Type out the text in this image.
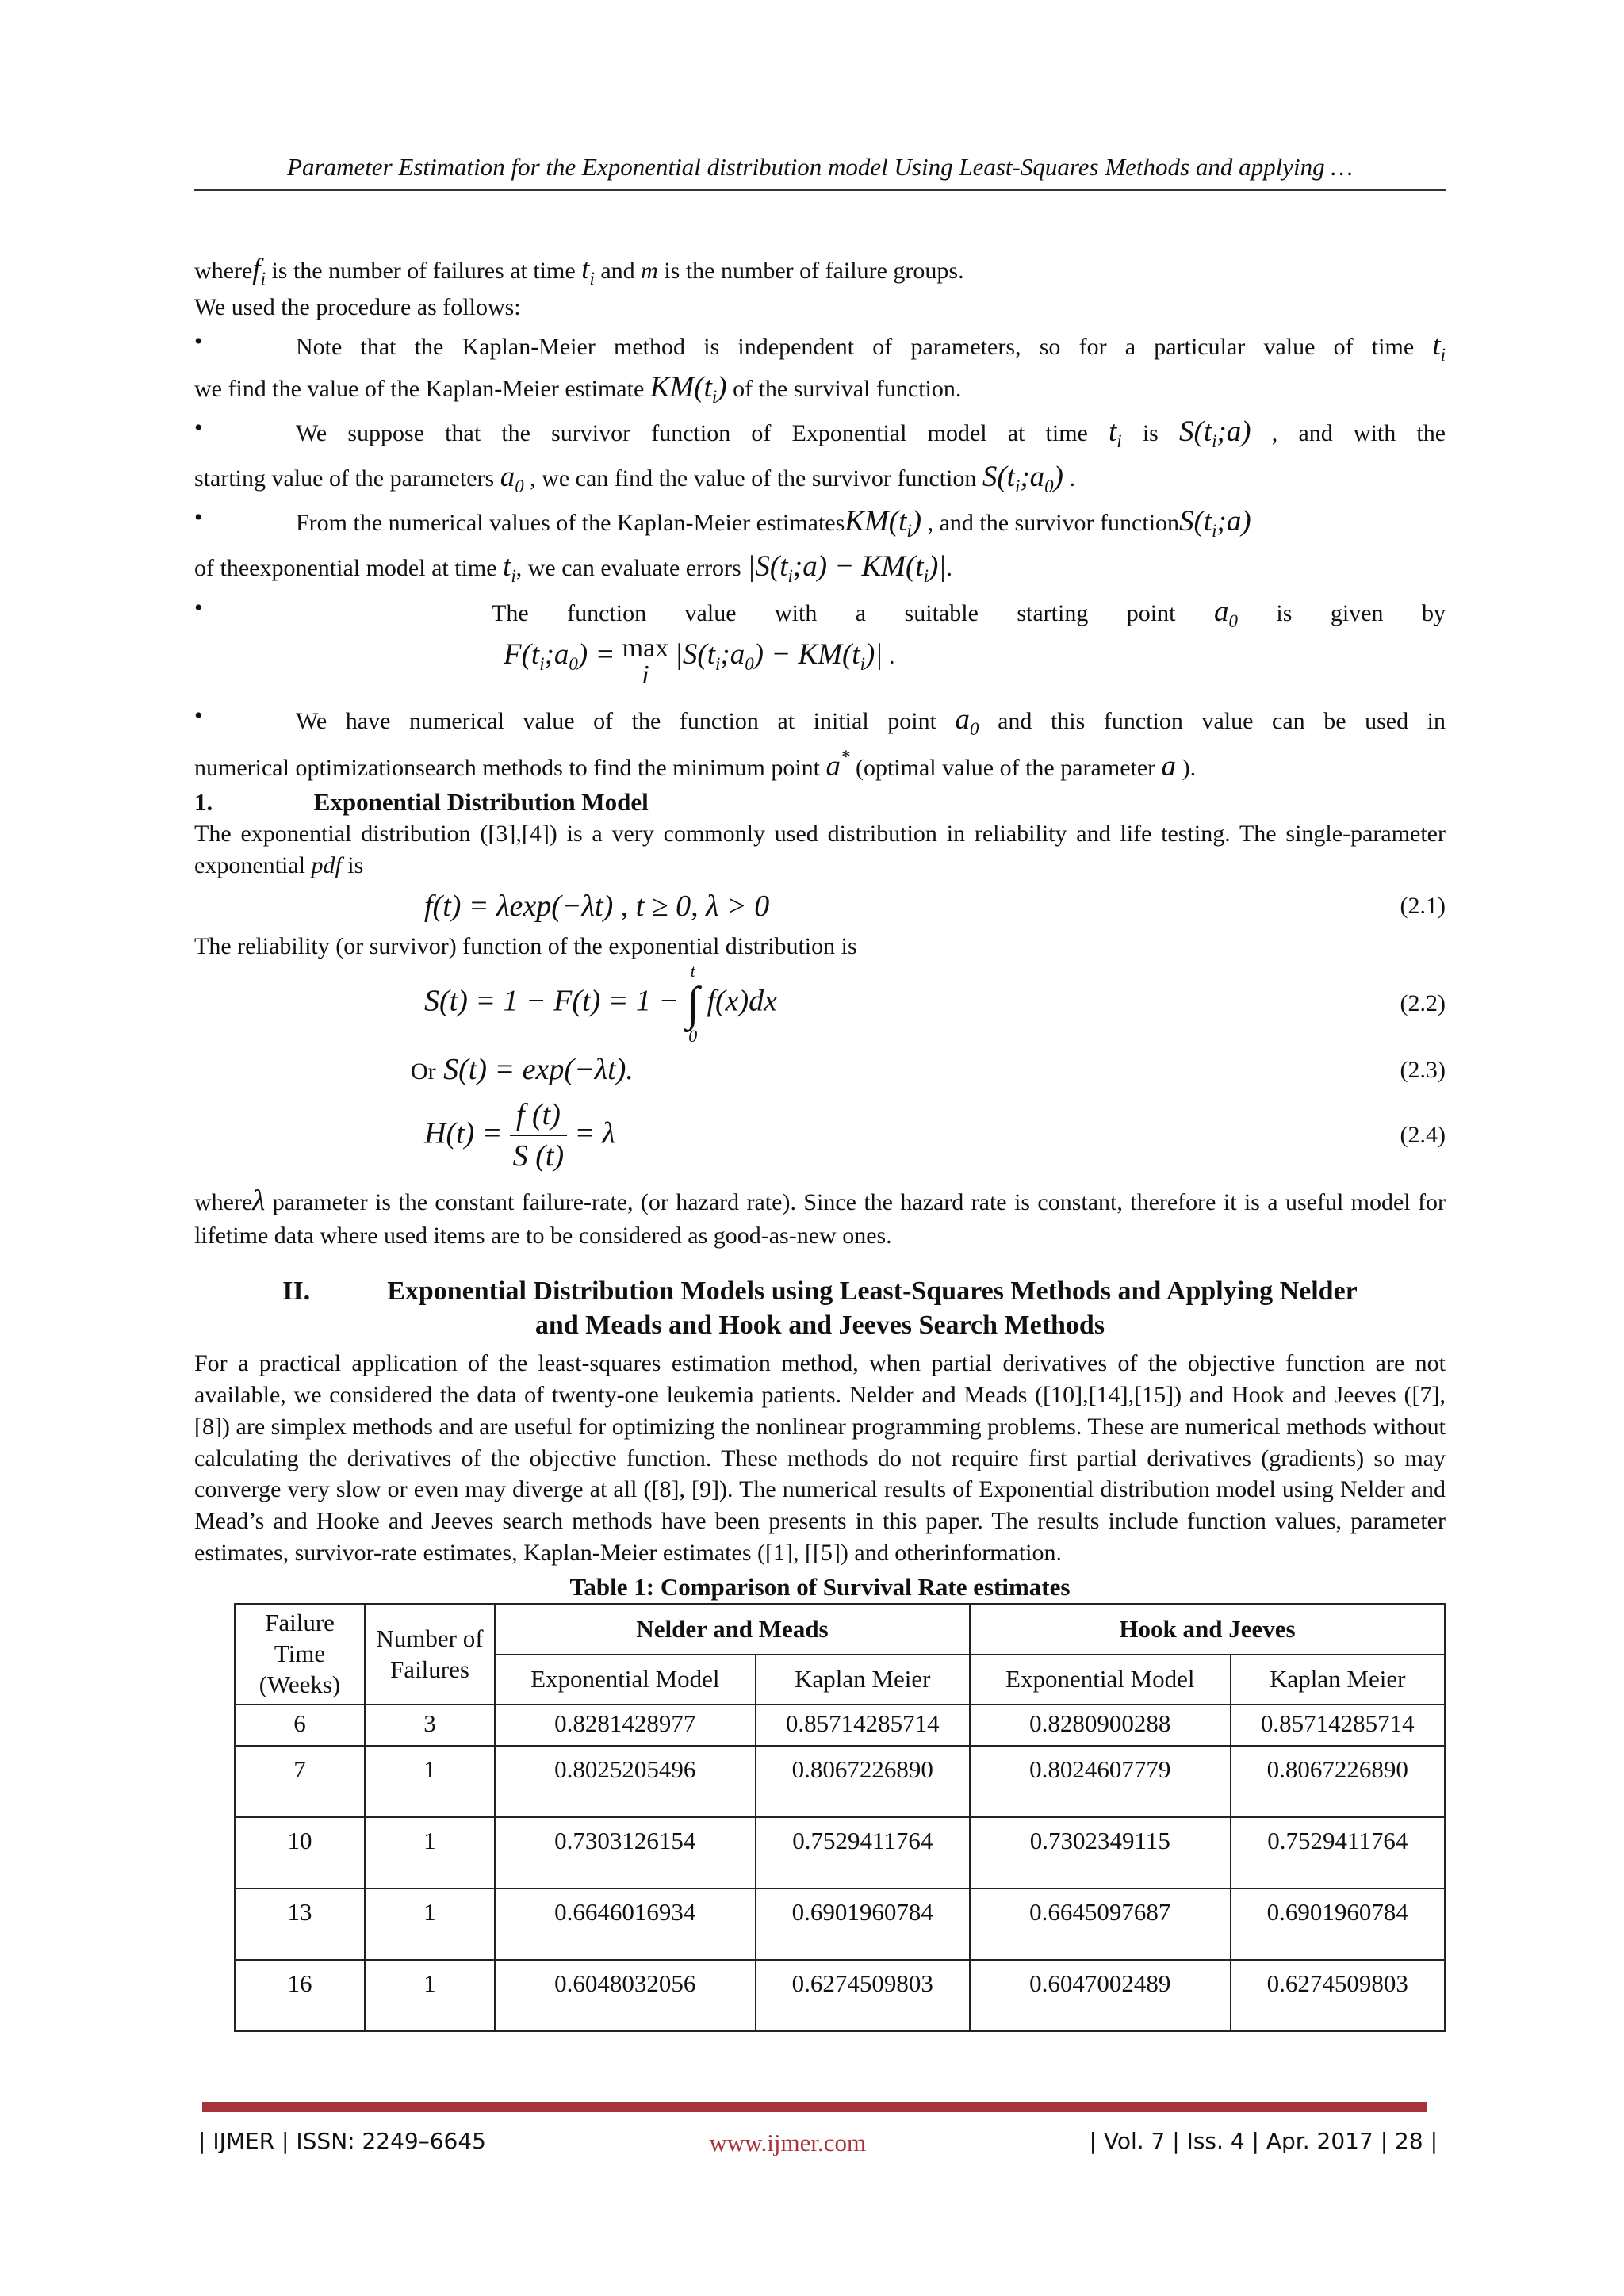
Parameter Estimation for the Exponential distribution model Using Least-Squares Methods and applying …

wheref$_i$ is the number of failures at time $t_i$ and m is the number of failure groups.

We used the procedure as follows:

•	Note that the Kaplan-Meier method is independent of parameters, so for a particular value of time $t_i$

we find the value of the Kaplan-Meier estimate $KM(t_i)$ of the survival function.

•	We suppose that the survivor function of Exponential model at time $t_i$ is $S(t_i;a)$ , and with the

starting value of the parameters $a_0$ , we can find the value of the survivor function $S(t_i;a_0)$ .

•	From the numerical values of the Kaplan-Meier $estimatesKM(t_i)$ , and the survivor $functionS(t_i;a)$

of theexponential model at time $t_i$, we can evaluate errors $|S(t_i;a) - KM(t_i)|$.

•	The function value with a suitable starting point $a_0$ is given by
$F(t_i;a_0) = \max$
i
$|S(t_i;a_0) - KM(t_i)|$ .
•	We have numerical value of the function at initial point $a_0$ and this function value can be used in

numerical optimizationsearch methods to find the minimum point a* (optimal value of the parameter a ).

1.	Exponential Distribution Model

The exponential distribution ([3],[4]) is a very commonly used distribution in reliability and life testing. The single-parameter exponential pdf is

f(t) = λexp(−λt) , t ≥ 0, λ > 0	(2.1)

The reliability (or survivor) function of the exponential distribution is

S(t) = 1 − F(t) = 1 −
t
∫
0
f(x)dx	(2.2)
Or S(t) = exp(−λt).	(2.3)
$H(t) = \frac{f (t)}{S (t)} = \lambda$	(2.4)

whereλ parameter is the constant failure-rate, (or hazard rate). Since the hazard rate is constant, therefore it is a useful model for lifetime data where used items are to be considered as good-as-new ones.

II.	Exponential Distribution Models using Least-Squares Methods and Applying Nelder
and Meads and Hook and Jeeves Search Methods

For a practical application of the least-squares estimation method, when partial derivatives of the objective function are not available, we considered the data of twenty-one leukemia patients. Nelder and Meads ([10],[14],[15]) and Hook and Jeeves ([7],[8]) are simplex methods and are useful for optimizing the nonlinear programming problems. These are numerical methods without calculating the derivatives of the objective function. These methods do not require first partial derivatives (gradients) so may converge very slow or even may diverge at all ([8], [9]). The numerical results of Exponential distribution model using Nelder and Mead’s and Hooke and Jeeves search methods have been presents in this paper. The results include function values, parameter estimates, survivor-rate estimates, Kaplan-Meier estimates ([1], [[5]) and otherinformation.

Table 1: Comparison of Survival Rate estimates

Failure Time (Weeks)	Number of Failures	Nelder and Meads		Hook and Jeeves	
		Exponential Model	Kaplan Meier	Exponential Model	Kaplan Meier
6	3	0.8281428977	0.85714285714	0.8280900288	0.85714285714
7	1	0.8025205496	0.8067226890	0.8024607779	0.8067226890
10	1	0.7303126154	0.7529411764	0.7302349115	0.7529411764
13	1	0.6646016934	0.6901960784	0.6645097687	0.6901960784
16	1	0.6048032056	0.6274509803	0.6047002489	0.6274509803
| IJMER | ISSN: 2249–6645	www.ijmer.com	| Vol. 7 | Iss. 4 | Apr. 2017 | 28 |
